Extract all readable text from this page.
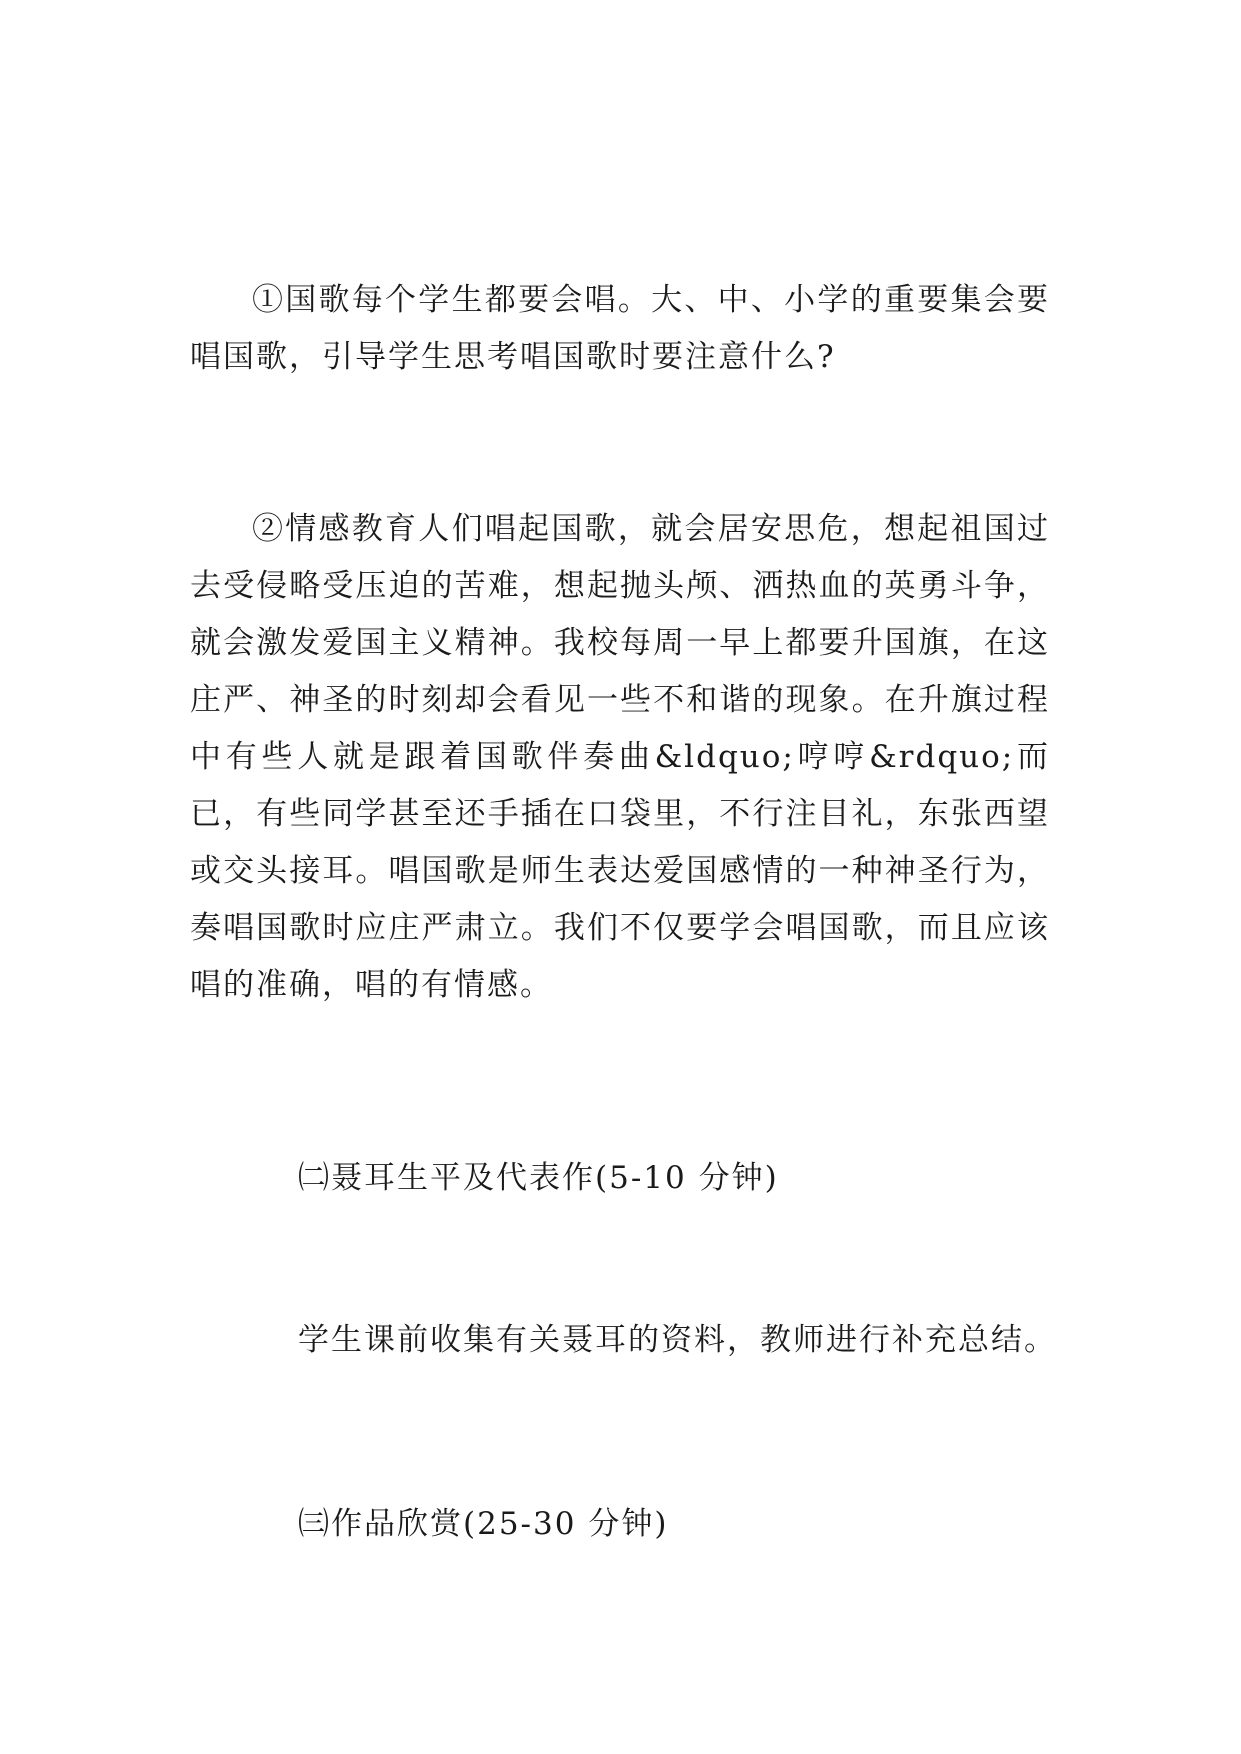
①国歌每个学生都要会唱。大、中、小学的重要集会要唱国歌，引导学生思考唱国歌时要注意什么?

②情感教育人们唱起国歌，就会居安思危，想起祖国过去受侵略受压迫的苦难，想起抛头颅、洒热血的英勇斗争，就会激发爱国主义精神。我校每周一早上都要升国旗，在这庄严、神圣的时刻却会看见一些不和谐的现象。在升旗过程中有些人就是跟着国歌伴奏曲&ldquo;哼哼&rdquo;而已，有些同学甚至还手插在口袋里，不行注目礼，东张西望或交头接耳。唱国歌是师生表达爱国感情的一种神圣行为，奏唱国歌时应庄严肃立。我们不仅要学会唱国歌，而且应该唱的准确，唱的有情感。

㈡聂耳生平及代表作(5-10 分钟)

学生课前收集有关聂耳的资料，教师进行补充总结。

㈢作品欣赏(25-30 分钟)
